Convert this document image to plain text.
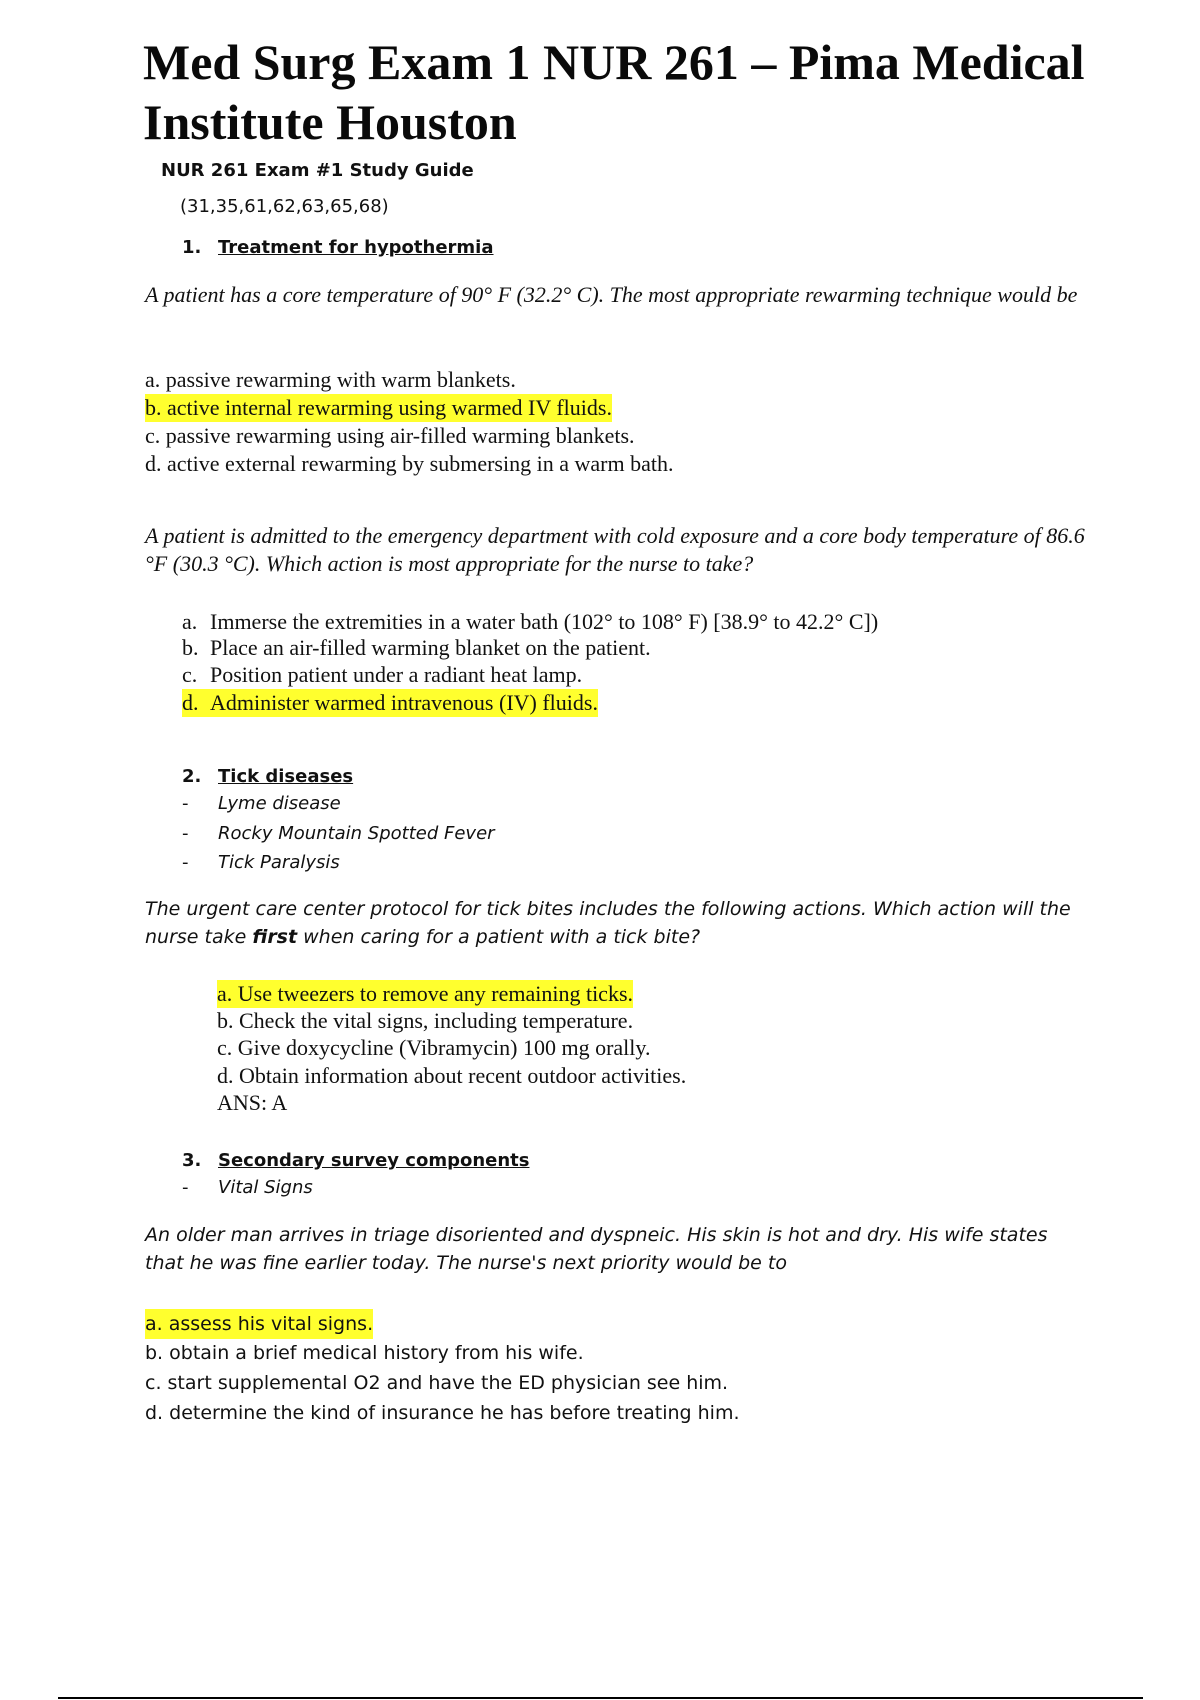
Med Surg Exam 1 NUR 261 – Pima Medical
Institute Houston
NUR 261 Exam #1 Study Guide
(31,35,61,62,63,65,68)
1. Treatment for hypothermia

A patient has a core temperature of 90° F (32.2° C). The most appropriate rewarming technique would be

a. passive rewarming with warm blankets.
b. active internal rewarming using warmed IV fluids.
c. passive rewarming using air-filled warming blankets.
d. active external rewarming by submersing in a warm bath.

A patient is admitted to the emergency department with cold exposure and a core body temperature of 86.6 °F (30.3 °C). Which action is most appropriate for the nurse to take?

a. Immerse the extremities in a water bath (102° to 108° F) [38.9° to 42.2° C])
b. Place an air-filled warming blanket on the patient.
c. Position patient under a radiant heat lamp.
d. Administer warmed intravenous (IV) fluids.
2. Tick diseases
- Lyme disease
- Rocky Mountain Spotted Fever
- Tick Paralysis

The urgent care center protocol for tick bites includes the following actions. Which action will the nurse take first when caring for a patient with a tick bite?

a. Use tweezers to remove any remaining ticks.
b. Check the vital signs, including temperature.
c. Give doxycycline (Vibramycin) 100 mg orally.
d. Obtain information about recent outdoor activities.
ANS: A
3. Secondary survey components
- Vital Signs

An older man arrives in triage disoriented and dyspneic. His skin is hot and dry. His wife states that he was fine earlier today. The nurse's next priority would be to

a. assess his vital signs.
b. obtain a brief medical history from his wife.
c. start supplemental O2 and have the ED physician see him.
d. determine the kind of insurance he has before treating him.
